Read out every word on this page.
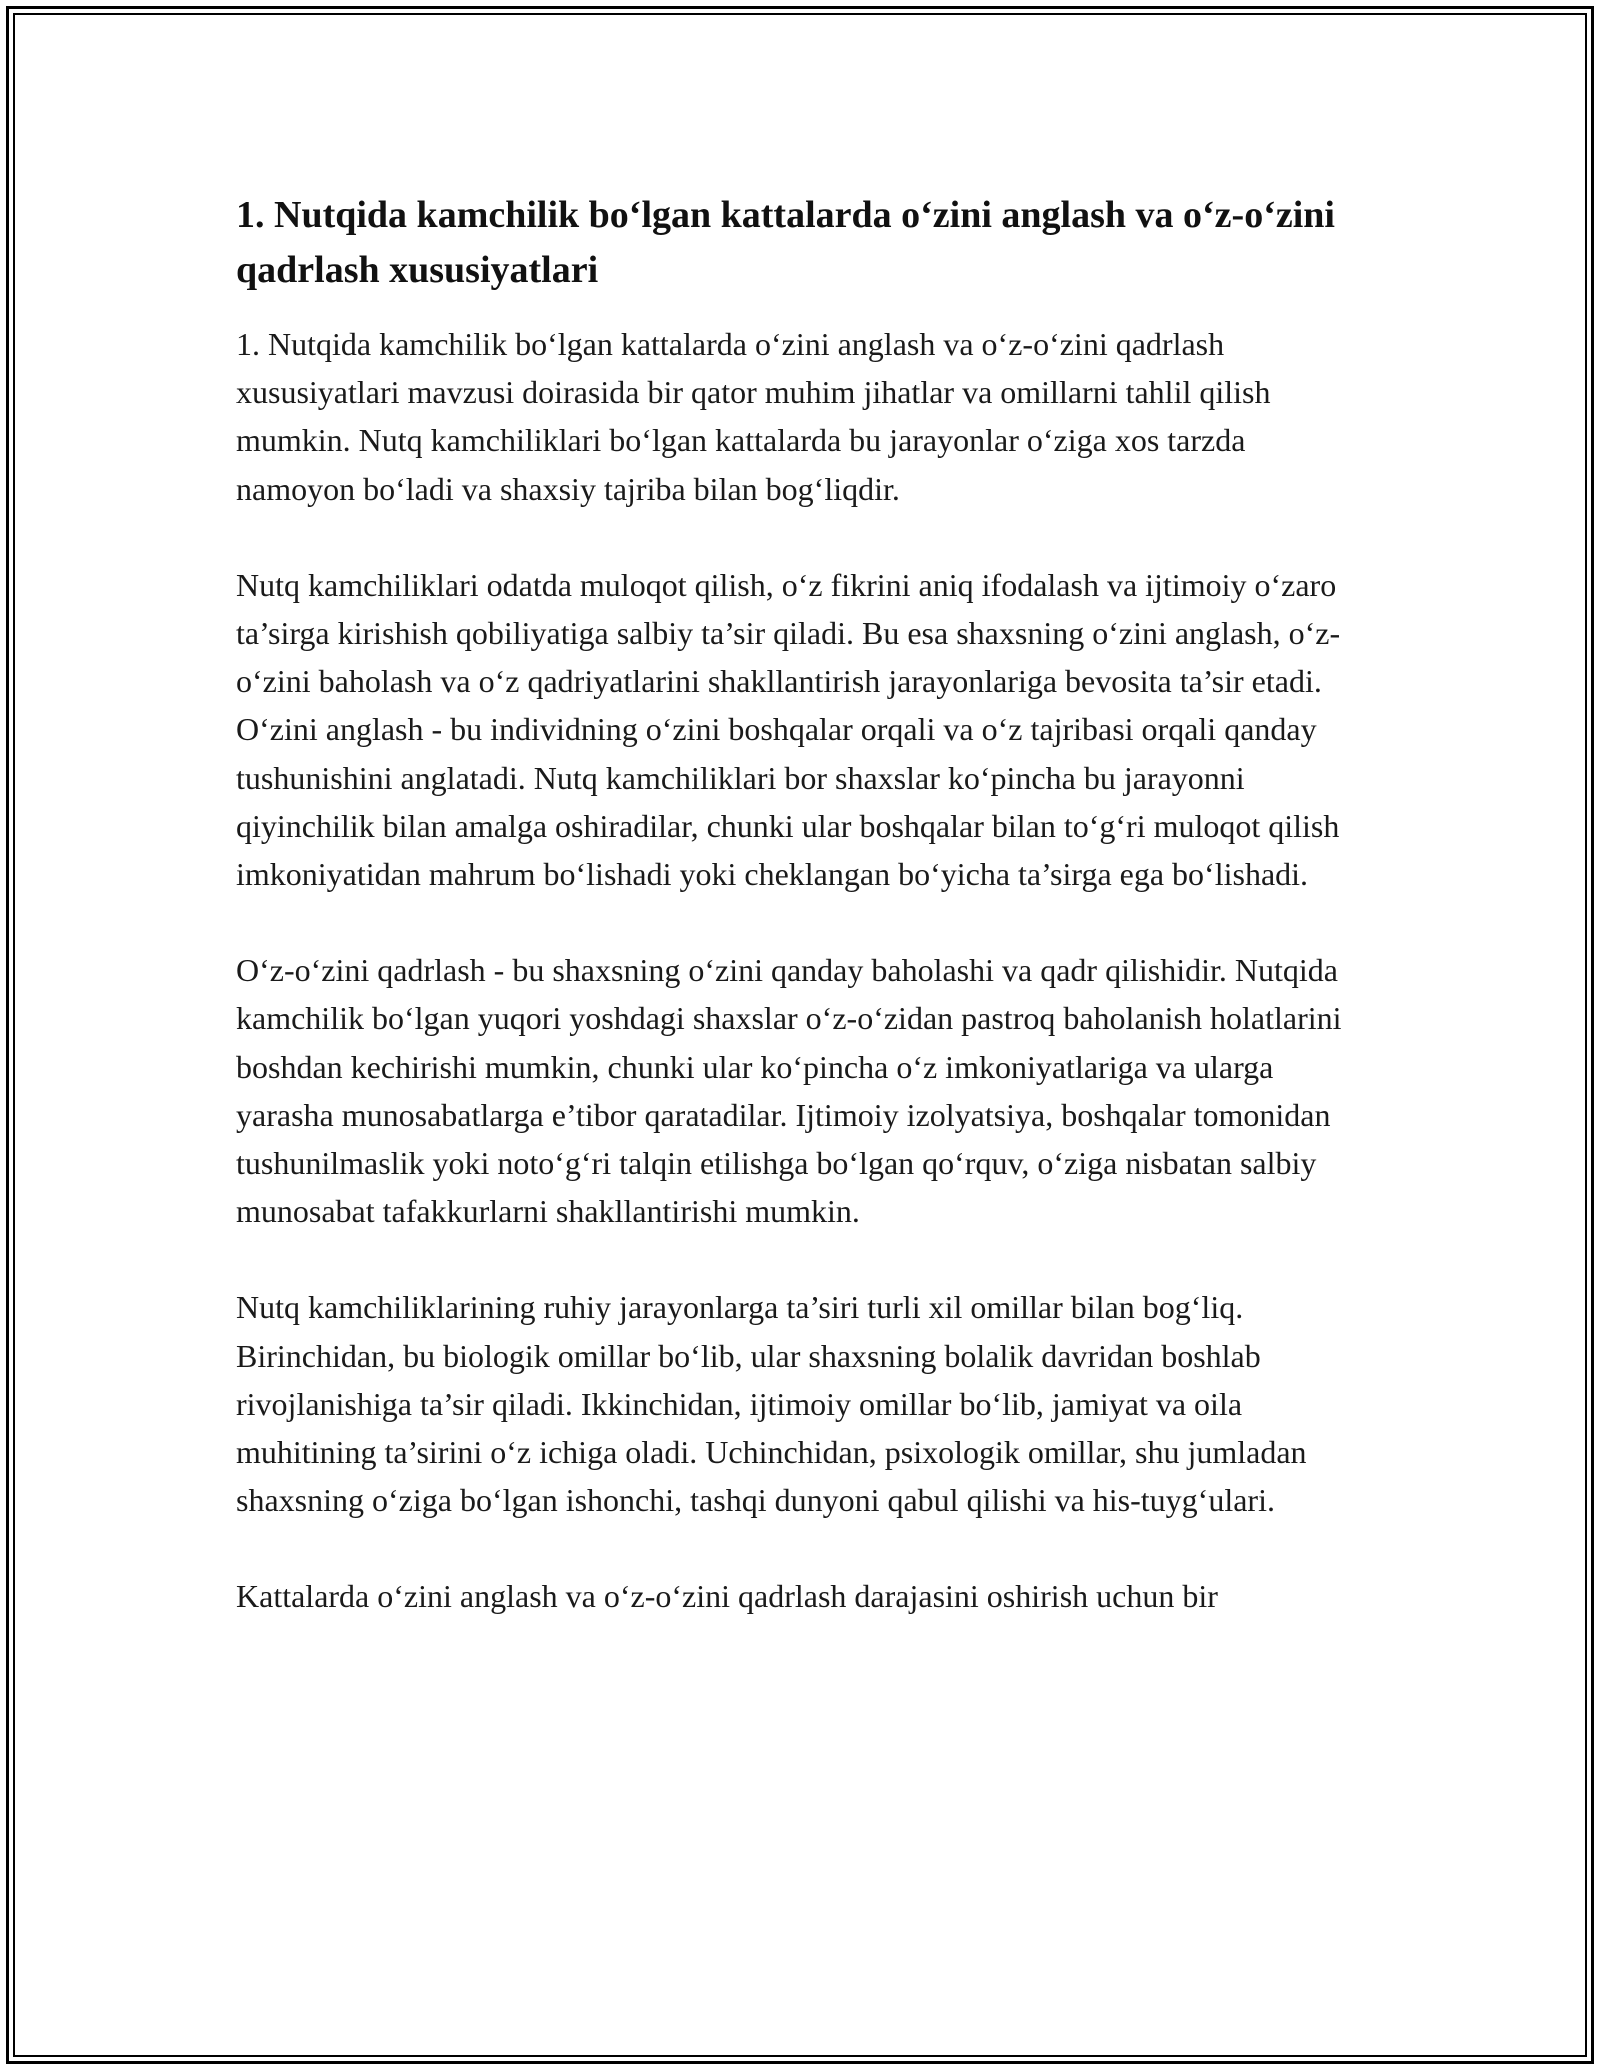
1. Nutqida kamchilik bo‘lgan kattalarda o‘zini anglash va o‘z-o‘zini qadrlash xususiyatlari

1. Nutqida kamchilik bo‘lgan kattalarda o‘zini anglash va o‘z-o‘zini qadrlash xususiyatlari mavzusi doirasida bir qator muhim jihatlar va omillarni tahlil qilish mumkin. Nutq kamchiliklari bo‘lgan kattalarda bu jarayonlar o‘ziga xos tarzda namoyon bo‘ladi va shaxsiy tajriba bilan bog‘liqdir.

Nutq kamchiliklari odatda muloqot qilish, o‘z fikrini aniq ifodalash va ijtimoiy o‘zaro ta’sirga kirishish qobiliyatiga salbiy ta’sir qiladi. Bu esa shaxsning o‘zini anglash, o‘z-o‘zini baholash va o‘z qadriyatlarini shakllantirish jarayonlariga bevosita ta’sir etadi. O‘zini anglash - bu individning o‘zini boshqalar orqali va o‘z tajribasi orqali qanday tushunishini anglatadi. Nutq kamchiliklari bor shaxslar ko‘pincha bu jarayonni qiyinchilik bilan amalga oshiradilar, chunki ular boshqalar bilan to‘g‘ri muloqot qilish imkoniyatidan mahrum bo‘lishadi yoki cheklangan bo‘yicha ta’sirga ega bo‘lishadi.

O‘z-o‘zini qadrlash - bu shaxsning o‘zini qanday baholashi va qadr qilishidir. Nutqida kamchilik bo‘lgan yuqori yoshdagi shaxslar o‘z-o‘zidan pastroq baholanish holatlarini boshdan kechirishi mumkin, chunki ular ko‘pincha o‘z imkoniyatlariga va ularga yarasha munosabatlarga e’tibor qaratadilar. Ijtimoiy izolyatsiya, boshqalar tomonidan tushunilmaslik yoki noto‘g‘ri talqin etilishga bo‘lgan qo‘rquv, o‘ziga nisbatan salbiy munosabat tafakkurlarni shakllantirishi mumkin.

Nutq kamchiliklarining ruhiy jarayonlarga ta’siri turli xil omillar bilan bog‘liq. Birinchidan, bu biologik omillar bo‘lib, ular shaxsning bolalik davridan boshlab rivojlanishiga ta’sir qiladi. Ikkinchidan, ijtimoiy omillar bo‘lib, jamiyat va oila muhitining ta’sirini o‘z ichiga oladi. Uchinchidan, psixologik omillar, shu jumladan shaxsning o‘ziga bo‘lgan ishonchi, tashqi dunyoni qabul qilishi va his-tuyg‘ulari.

Kattalarda o‘zini anglash va o‘z-o‘zini qadrlash darajasini oshirish uchun bir
